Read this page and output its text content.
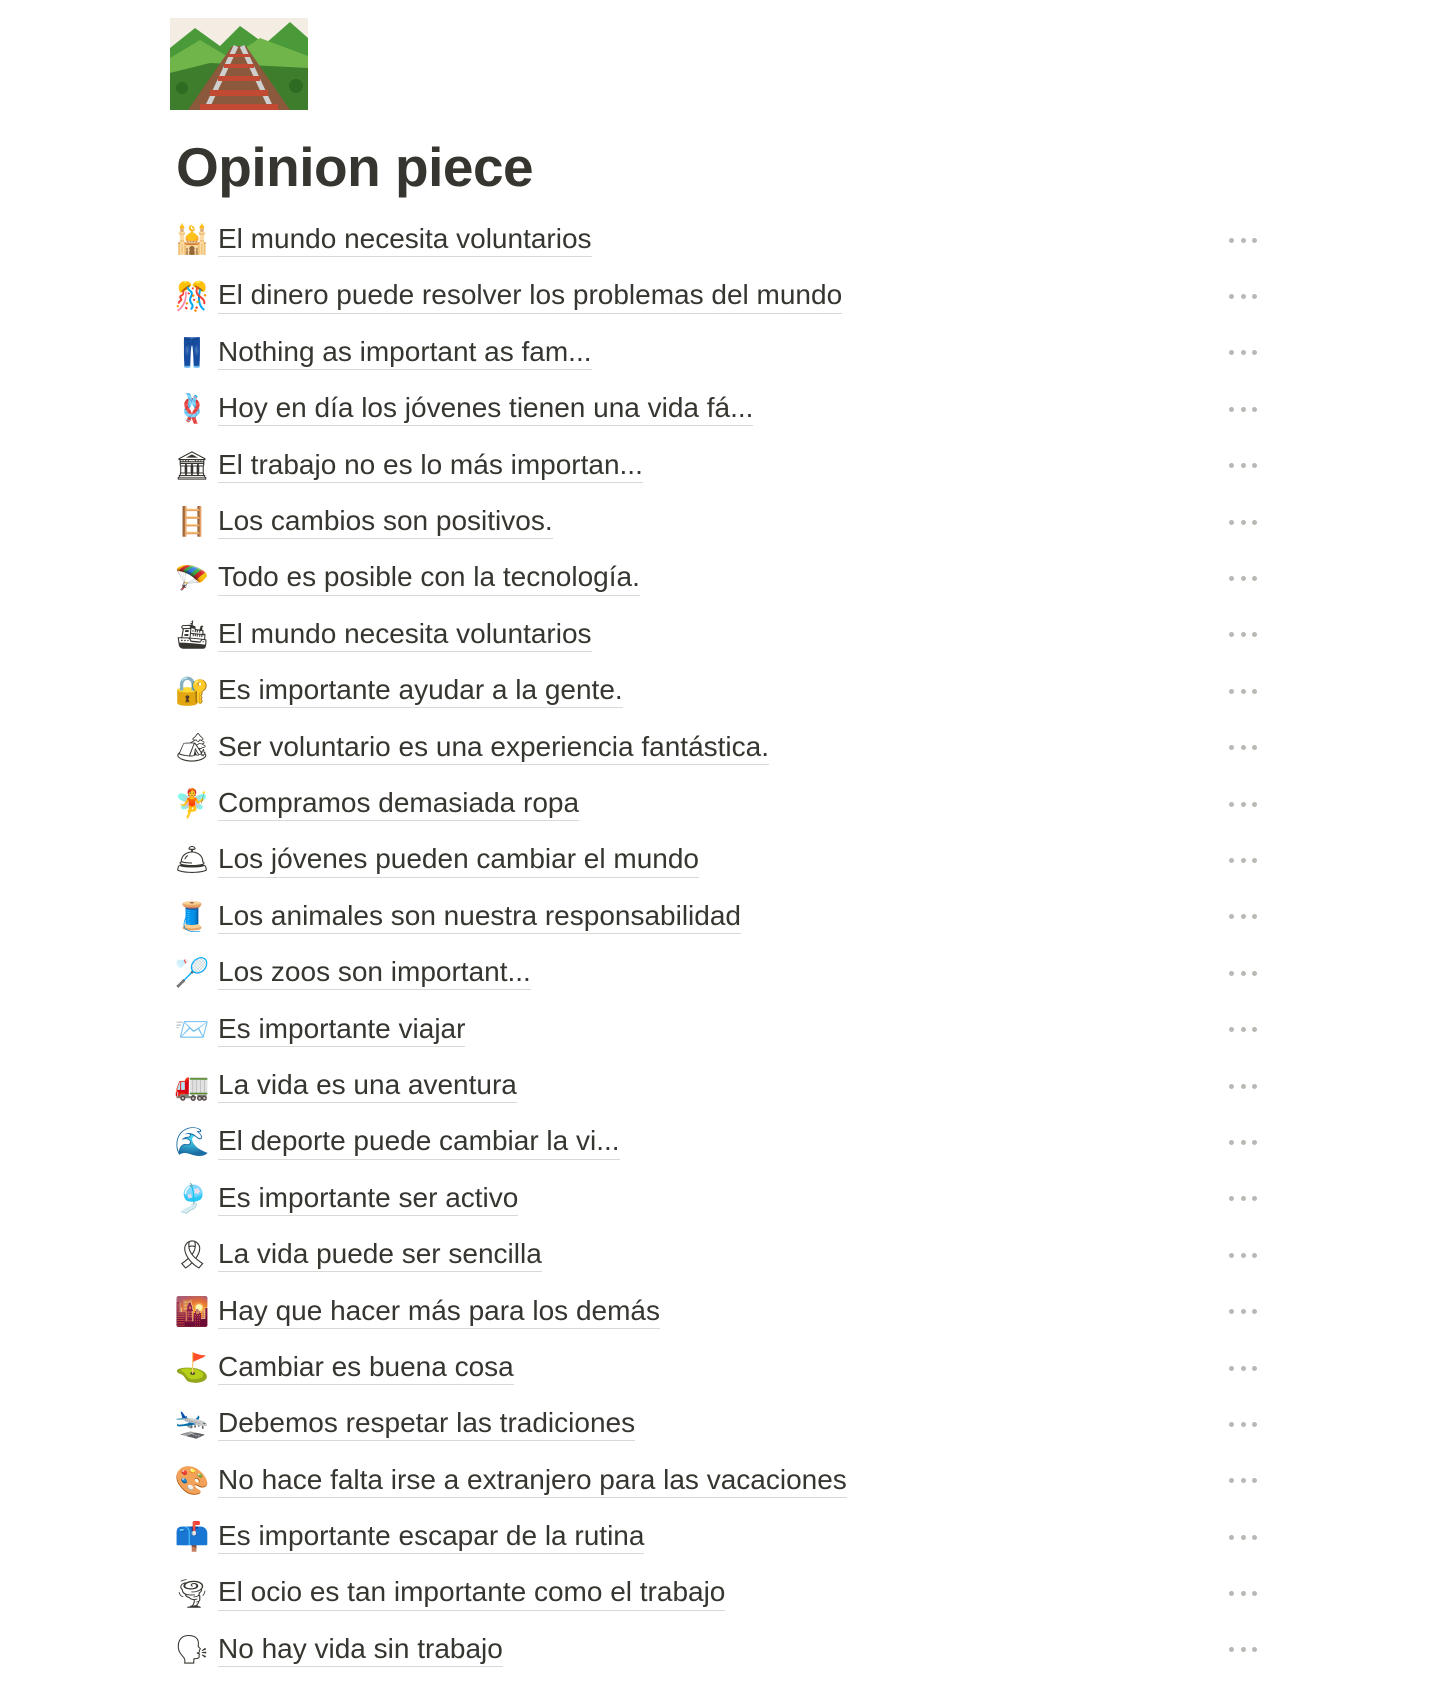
Opinion piece
🕌 El mundo necesita voluntarios
🎊 El dinero puede resolver los problemas del mundo
👖 Nothing as important as fam...
🪢 Hoy en día los jóvenes tienen una vida fá...
🏛 El trabajo no es lo más importan...
🪜 Los cambios son positivos.
🪂 Todo es posible con la tecnología.
🛳 El mundo necesita voluntarios
🔐 Es importante ayudar a la gente.
🏕 Ser voluntario es una experiencia fantástica.
🧚 Compramos demasiada ropa
🛎 Los jóvenes pueden cambiar el mundo
🧵 Los animales son nuestra responsabilidad
🏸 Los zoos son important...
📨 Es importante viajar
🚛 La vida es una aventura
🌊 El deporte puede cambiar la vi...
🎐 Es importante ser activo
🎗 La vida puede ser sencilla
🌇 Hay que hacer más para los demás
⛳ Cambiar es buena cosa
🛬 Debemos respetar las tradiciones
🎨 No hace falta irse a extranjero para las vacaciones
📫 Es importante escapar de la rutina
🌪 El ocio es tan importante como el trabajo
🗣 No hay vida sin trabajo
